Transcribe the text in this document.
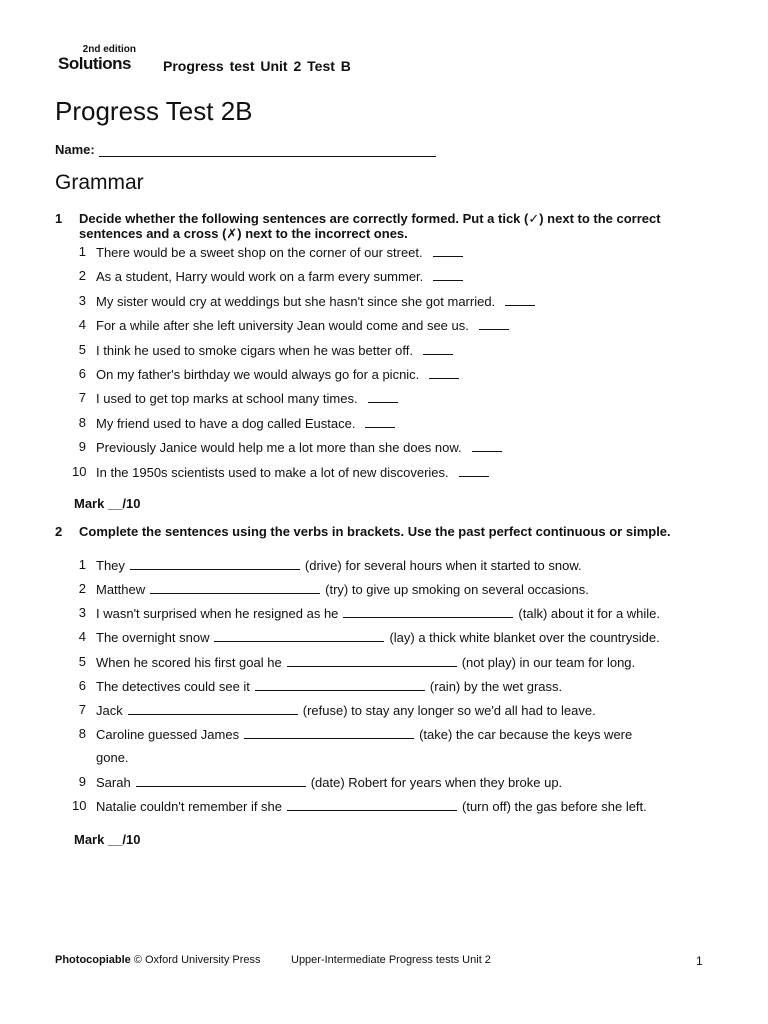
2nd edition
Solutions Progress test Unit 2 Test B
Progress Test 2B
Name:
Grammar
1 Decide whether the following sentences are correctly formed. Put a tick (✓) next to the correct sentences and a cross (✗) next to the incorrect ones.
1 There would be a sweet shop on the corner of our street.
2 As a student, Harry would work on a farm every summer.
3 My sister would cry at weddings but she hasn't since she got married.
4 For a while after she left university Jean would come and see us.
5 I think he used to smoke cigars when he was better off.
6 On my father's birthday we would always go for a picnic.
7 I used to get top marks at school many times.
8 My friend used to have a dog called Eustace.
9 Previously Janice would help me a lot more than she does now.
10 In the 1950s scientists used to make a lot of new discoveries.
Mark __/10
2 Complete the sentences using the verbs in brackets. Use the past perfect continuous or simple.
1 They	(drive) for several hours when it started to snow.
2 Matthew	(try) to give up smoking on several occasions.
3 I wasn't surprised when he resigned as he	(talk) about it for a while.
4 The overnight snow	(lay) a thick white blanket over the countryside.
5 When he scored his first goal he	(not play) in our team for long.
6 The detectives could see it	(rain) by the wet grass.
7 Jack	(refuse) to stay any longer so we'd all had to leave.
8 Caroline guessed James	(take) the car because the keys were
gone.
9 Sarah	(date) Robert for years when they broke up.
10 Natalie couldn't remember if she	(turn off) the gas before she left.
Mark __/10
Photocopiable © Oxford University Press	Upper-Intermediate Progress tests Unit 2	1
